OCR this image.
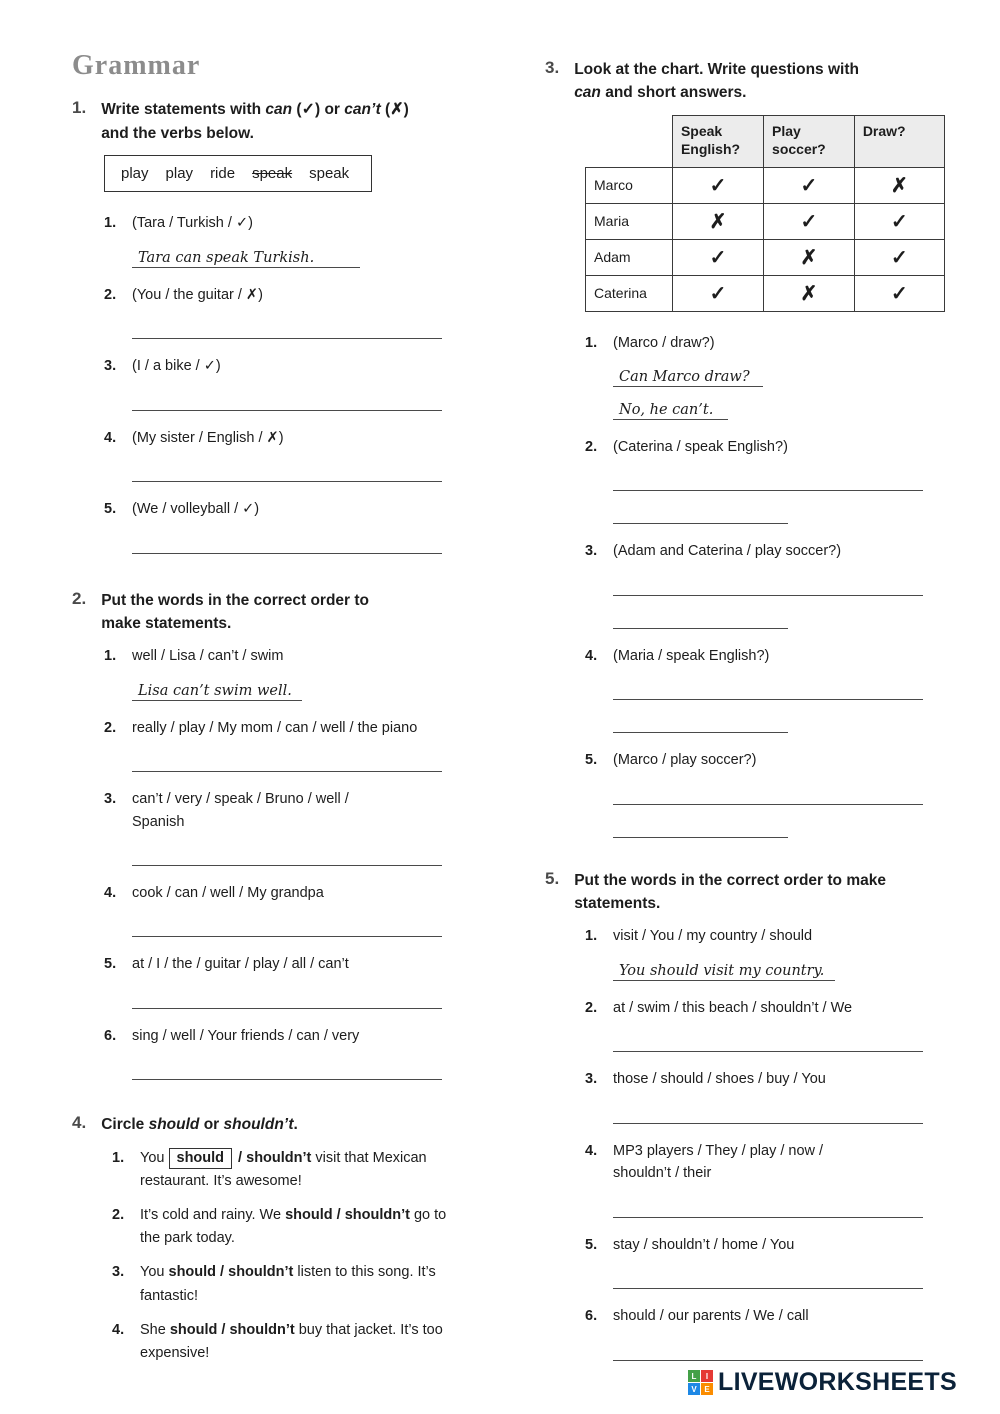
Grammar
1. Write statements with can (✓) or can’t (✗) and the verbs below.
play play ride speak speak
1.	(Tara / Turkish / ✓)
Tara can speak Turkish.
2.	(You / the guitar / ✗)
3.	(I / a bike / ✓)
4.	(My sister / English / ✗)
5.	(We / volleyball / ✓)
2. Put the words in the correct order to make statements.
1.	well / Lisa / can’t / swim
Lisa can’t swim well.
2.	really / play / My mom / can / well / the piano
3.	can’t / very / speak / Bruno / well / Spanish
4.	cook / can / well / My grandpa
5.	at / I / the / guitar / play / all / can’t
6.	sing / well / Your friends / can / very
4. Circle should or shouldn’t.
1.	You should / shouldn’t visit that Mexican restaurant. It’s awesome!
2.	It’s cold and rainy. We should / shouldn’t go to the park today.
3.	You should / shouldn’t listen to this song. It’s fantastic!
4.	She should / shouldn’t buy that jacket. It’s too expensive!
3. Look at the chart. Write questions with can and short answers.
	Speak English?	Play soccer?	Draw?
Marco	✓	✓	✗
Maria	✗	✓	✓
Adam	✓	✗	✓
Caterina	✓	✗	✓
1.	(Marco / draw?)
Can Marco draw?
No, he can’t.
2.	(Caterina / speak English?)
3.	(Adam and Caterina / play soccer?)
4.	(Maria / speak English?)
5.	(Marco / play soccer?)
5. Put the words in the correct order to make statements.
1.	visit / You / my country / should
You should visit my country.
2.	at / swim / this beach / shouldn’t / We
3.	those / should / shoes / buy / You
4.	MP3 players / They / play / now / shouldn’t / their
5.	stay / shouldn’t / home / You
6.	should / our parents / We / call
L	I
V E LIVEWORKSHEETS
